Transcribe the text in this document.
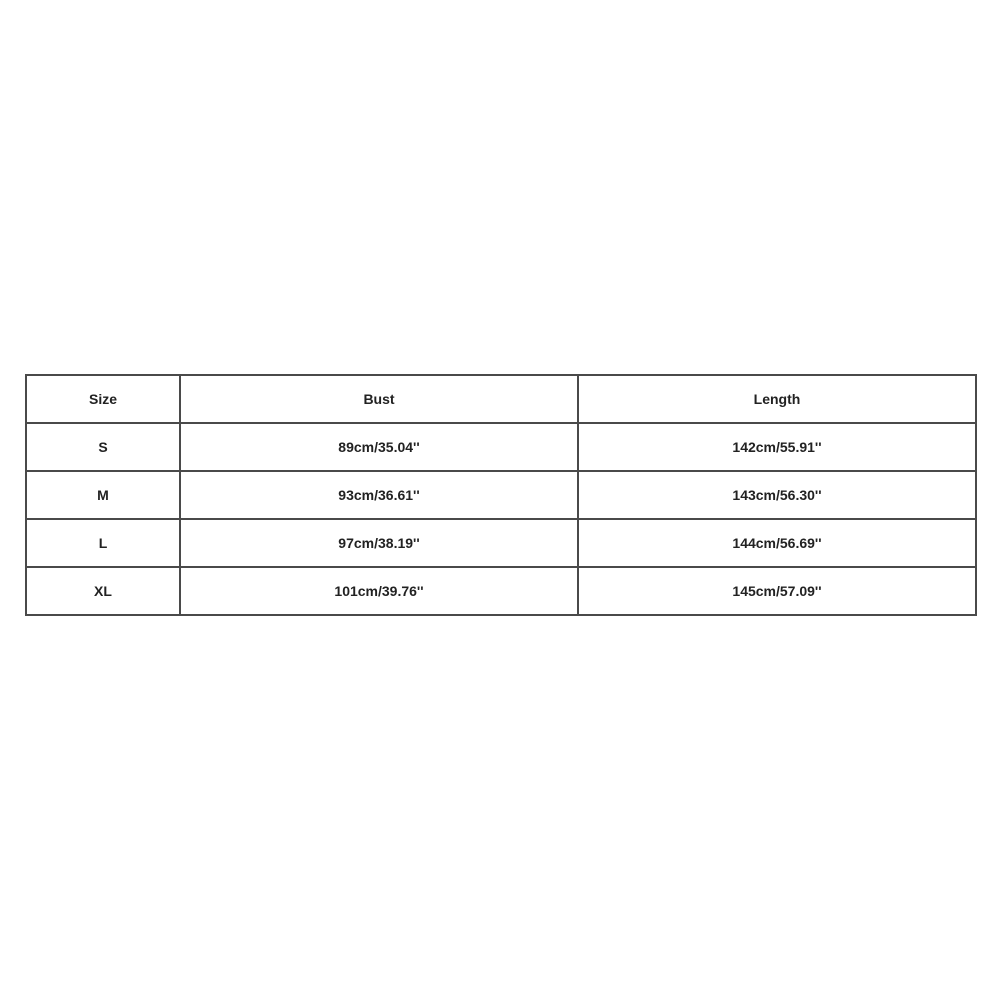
Size	Bust	Length
S	89cm/35.04''	142cm/55.91''
M	93cm/36.61''	143cm/56.30''
L	97cm/38.19''	144cm/56.69''
XL	101cm/39.76''	145cm/57.09''
